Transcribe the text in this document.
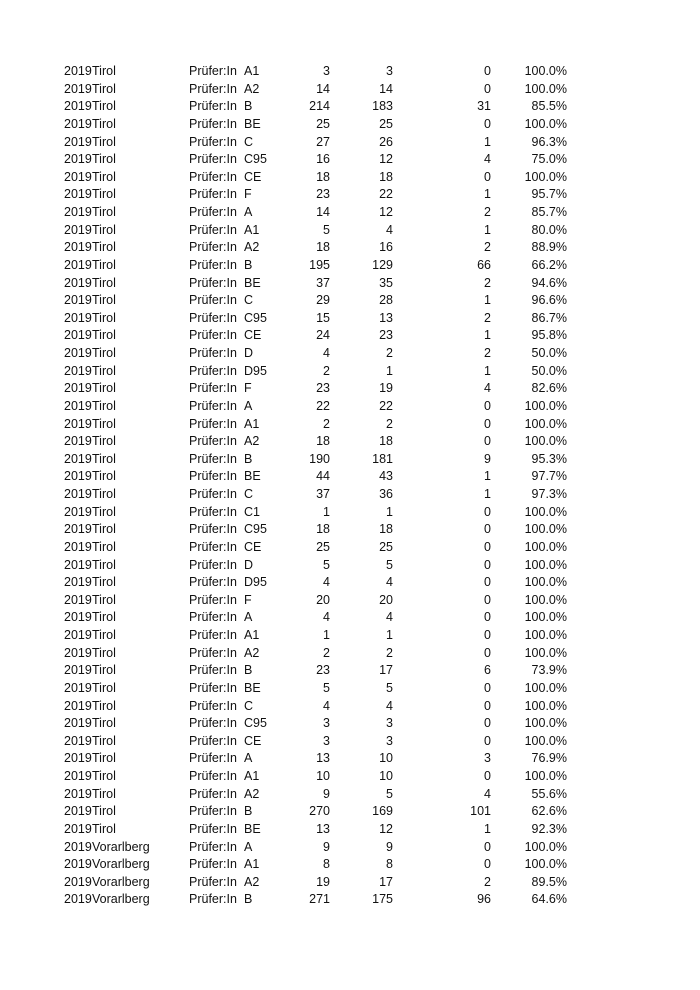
2019 Tirol	Prüfer:In A1	3	3	0	100.0%
2019 Tirol	Prüfer:In A2	14	14	0	100.0%
2019 Tirol	Prüfer:In B	214	183	31	85.5%
2019 Tirol	Prüfer:In BE	25	25	0	100.0%
2019 Tirol	Prüfer:In C	27	26	1	96.3%
2019 Tirol	Prüfer:In C95	16	12	4	75.0%
2019 Tirol	Prüfer:In CE	18	18	0	100.0%
2019 Tirol	Prüfer:In F	23	22	1	95.7%
2019 Tirol	Prüfer:In A	14	12	2	85.7%
2019 Tirol	Prüfer:In A1	5	4	1	80.0%
2019 Tirol	Prüfer:In A2	18	16	2	88.9%
2019 Tirol	Prüfer:In B	195	129	66	66.2%
2019 Tirol	Prüfer:In BE	37	35	2	94.6%
2019 Tirol	Prüfer:In C	29	28	1	96.6%
2019 Tirol	Prüfer:In C95	15	13	2	86.7%
2019 Tirol	Prüfer:In CE	24	23	1	95.8%
2019 Tirol	Prüfer:In D	4	2	2	50.0%
2019 Tirol	Prüfer:In D95	2	1	1	50.0%
2019 Tirol	Prüfer:In F	23	19	4	82.6%
2019 Tirol	Prüfer:In A	22	22	0	100.0%
2019 Tirol	Prüfer:In A1	2	2	0	100.0%
2019 Tirol	Prüfer:In A2	18	18	0	100.0%
2019 Tirol	Prüfer:In B	190	181	9	95.3%
2019 Tirol	Prüfer:In BE	44	43	1	97.7%
2019 Tirol	Prüfer:In C	37	36	1	97.3%
2019 Tirol	Prüfer:In C1	1	1	0	100.0%
2019 Tirol	Prüfer:In C95	18	18	0	100.0%
2019 Tirol	Prüfer:In CE	25	25	0	100.0%
2019 Tirol	Prüfer:In D	5	5	0	100.0%
2019 Tirol	Prüfer:In D95	4	4	0	100.0%
2019 Tirol	Prüfer:In F	20	20	0	100.0%
2019 Tirol	Prüfer:In A	4	4	0	100.0%
2019 Tirol	Prüfer:In A1	1	1	0	100.0%
2019 Tirol	Prüfer:In A2	2	2	0	100.0%
2019 Tirol	Prüfer:In B	23	17	6	73.9%
2019 Tirol	Prüfer:In BE	5	5	0	100.0%
2019 Tirol	Prüfer:In C	4	4	0	100.0%
2019 Tirol	Prüfer:In C95	3	3	0	100.0%
2019 Tirol	Prüfer:In CE	3	3	0	100.0%
2019 Tirol	Prüfer:In A	13	10	3	76.9%
2019 Tirol	Prüfer:In A1	10	10	0	100.0%
2019 Tirol	Prüfer:In A2	9	5	4	55.6%
2019 Tirol	Prüfer:In B	270	169	101	62.6%
2019 Tirol	Prüfer:In BE	13	12	1	92.3%
2019 Vorarlberg	Prüfer:In A	9	9	0	100.0%
2019 Vorarlberg	Prüfer:In A1	8	8	0	100.0%
2019 Vorarlberg	Prüfer:In A2	19	17	2	89.5%
2019 Vorarlberg	Prüfer:In B	271	175	96	64.6%
